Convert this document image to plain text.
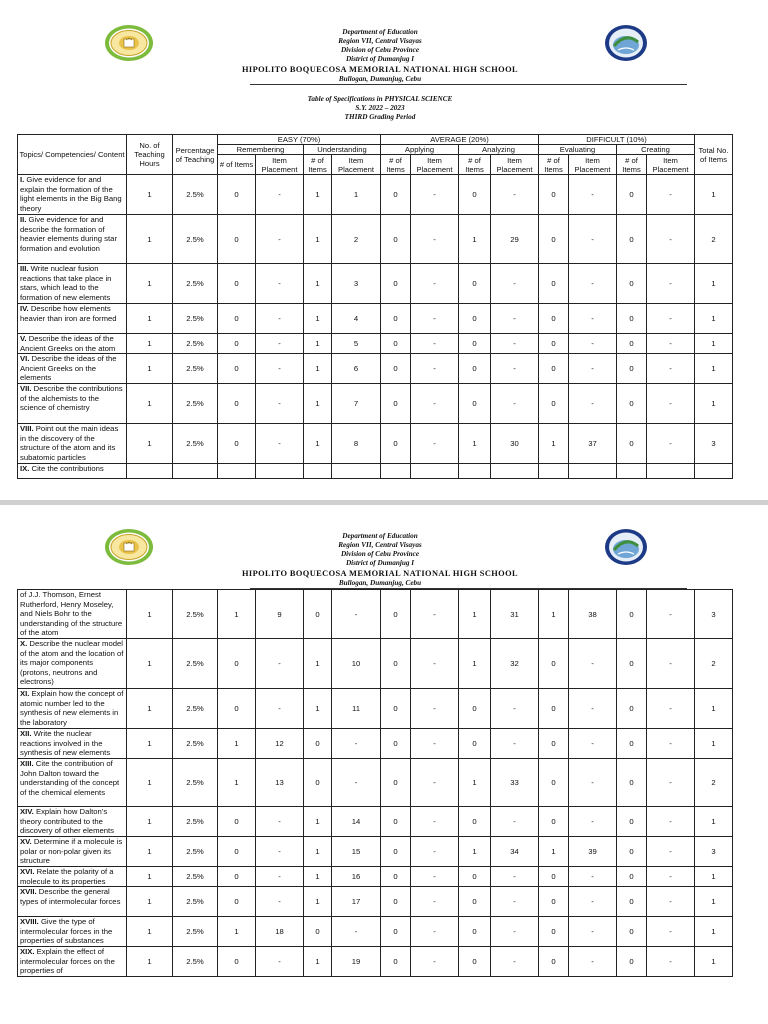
Department of Education
Region VII, Central Visayas
Division of Cebu Province
District of Dumanjug I
HIPOLITO BOQUECOSA MEMORIAL NATIONAL HIGH SCHOOL
Bullogan, Dumanjug, Cebu
Table of Specifications in PHYSICAL SCIENCE
S.Y. 2022 – 2023
THIRD Grading Period
Topics/ Competencies/ Content	No. of Teaching Hours	Percentage of Teaching	EASY (70%)				AVERAGE (20%)				DIFFICULT (10%)				Total No. of Items
			Remembering		Understanding		Applying		Analyzing		Evaluating		Creating		
			# of Items	Item Placement	# of Items	Item Placement	# of Items	Item Placement	# of Items	Item Placement	# of Items	Item Placement	# of Items	Item Placement	
I. Give evidence for and explain the formation of the light elements in the Big Bang theory	1	2.5%	0	-	1	1	0	-	0	-	0	-	0	-	1
II. Give evidence for and describe the formation of heavier elements during star formation and evolution	1	2.5%	0	-	1	2	0	-	1	29	0	-	0	-	2
III. Write nuclear fusion reactions that take place in stars, which lead to the formation of new elements	1	2.5%	0	-	1	3	0	-	0	-	0	-	0	-	1
IV. Describe how elements heavier than iron are formed	1	2.5%	0	-	1	4	0	-	0	-	0	-	0	-	1
V. Describe the ideas of the Ancient Greeks on the atom	1	2.5%	0	-	1	5	0	-	0	-	0	-	0	-	1
VI. Describe the ideas of the Ancient Greeks on the elements	1	2.5%	0	-	1	6	0	-	0	-	0	-	0	-	1
VII. Describe the contributions of the alchemists to the science of chemistry	1	2.5%	0	-	1	7	0	-	0	-	0	-	0	-	1
VIII. Point out the main ideas in the discovery of the structure of the atom and its subatomic particles	1	2.5%	0	-	1	8	0	-	1	30	1	37	0	-	3
IX. Cite the contributions															
Department of Education
Region VII, Central Visayas
Division of Cebu Province
District of Dumanjug I
HIPOLITO BOQUECOSA MEMORIAL NATIONAL HIGH SCHOOL
Bullogan, Dumanjug, Cebu
of J.J. Thomson, Ernest Rutherford, Henry Moseley, and Niels Bohr to the understanding of the structure of the atom	1	2.5%	1	9	0	-	0	-	1	31	1	38	0	-	3
X. Describe the nuclear model of the atom and the location of its major components (protons, neutrons and electrons)	1	2.5%	0	-	1	10	0	-	1	32	0	-	0	-	2
XI. Explain how the concept of atomic number led to the synthesis of new elements in the laboratory	1	2.5%	0	-	1	11	0	-	0	-	0	-	0	-	1
XII. Write the nuclear reactions involved in the synthesis of new elements	1	2.5%	1	12	0	-	0	-	0	-	0	-	0	-	1
XIII. Cite the contribution of John Dalton toward the understanding of the concept of the chemical elements	1	2.5%	1	13	0	-	0	-	1	33	0	-	0	-	2
XIV. Explain how Dalton’s theory contributed to the discovery of other elements	1	2.5%	0	-	1	14	0	-	0	-	0	-	0	-	1
XV. Determine if a molecule is polar or non-polar given its structure	1	2.5%	0	-	1	15	0	-	1	34	1	39	0	-	3
XVI. Relate the polarity of a molecule to its properties	1	2.5%	0	-	1	16	0	-	0	-	0	-	0	-	1
XVII. Describe the general types of intermolecular forces	1	2.5%	0	-	1	17	0	-	0	-	0	-	0	-	1
XVIII. Give the type of intermolecular forces in the properties of substances	1	2.5%	1	18	0	-	0	-	0	-	0	-	0	-	1
XIX. Explain the effect of intermolecular forces on the properties of	1	2.5%	0	-	1	19	0	-	0	-	0	-	0	-	1
